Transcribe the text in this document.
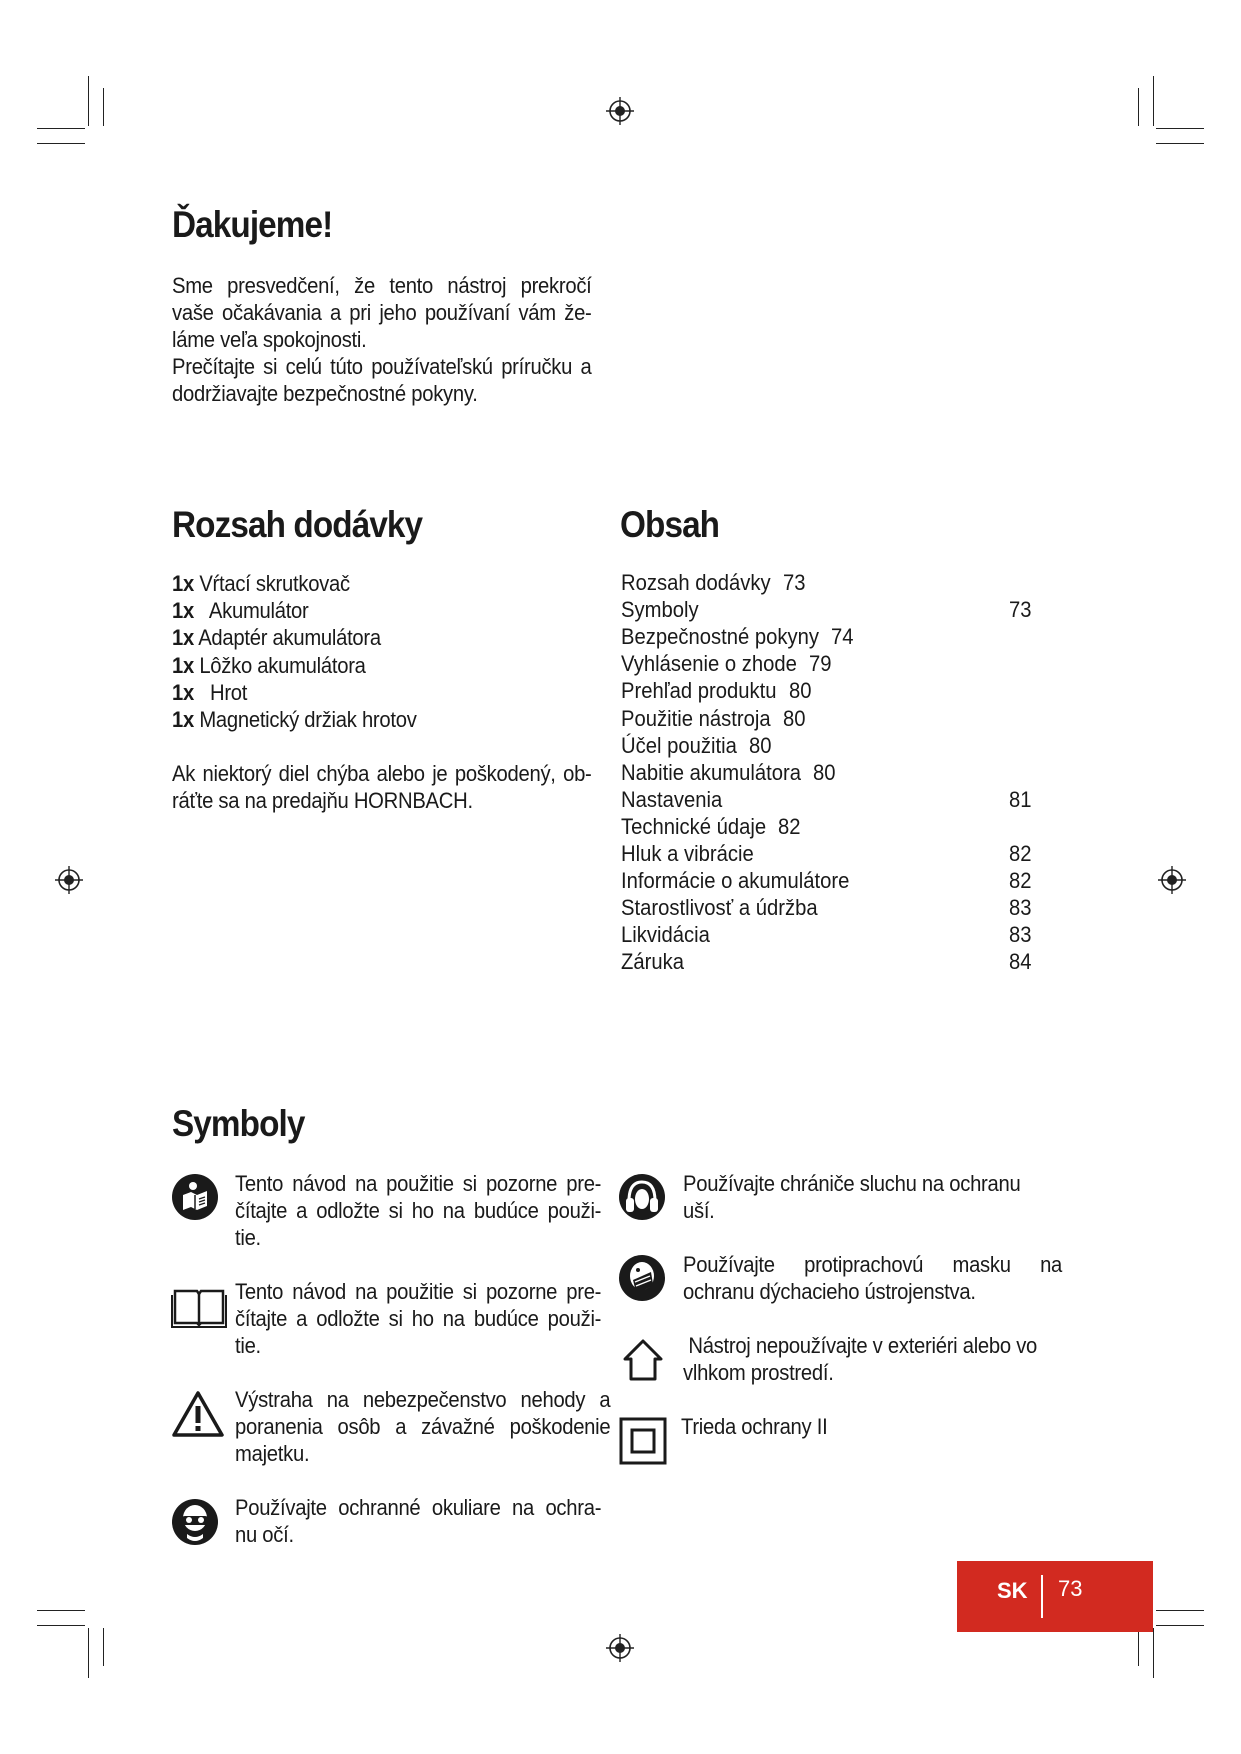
Ďakujeme!
Sme presvedčení, že tento nástroj prekročí
vaše očakávania a pri jeho používaní vám že-
láme veľa spokojnosti.
Prečítajte si celú túto používateľskú príručku a
dodržiavajte bezpečnostné pokyny.
Rozsah dodávky
1x Vŕtací skrutkovač
1x Akumulátor
1x Adaptér akumulátora
1x Lôžko akumulátora
1x Hrot
1x Magnetický držiak hrotov
Ak niektorý diel chýba alebo je poškodený, ob-
ráťte sa na predajňu HORNBACH.
Obsah
Rozsah dodávky 73
Symboly	73
Bezpečnostné pokyny 74
Vyhlásenie o zhode 79
Prehľad produktu 80
Použitie nástroja 80
Účel použitia 80
Nabitie akumulátora 80
Nastavenia	81
Technické údaje 82
Hluk a vibrácie	82
Informácie o akumulátore	82
Starostlivosť a údržba	83
Likvidácia	83
Záruka	84
Symboly
Tento návod na použitie si pozorne pre-
čítajte a odložte si ho na budúce použi-
tie.
Tento návod na použitie si pozorne pre-
čítajte a odložte si ho na budúce použi-
tie.
Výstraha na nebezpečenstvo nehody a
poranenia osôb a závažné poškodenie
majetku.
Používajte ochranné okuliare na ochra-
nu očí.
Používajte chrániče sluchu na ochranu
uší.
Používajte protiprachovú masku na
ochranu dýchacieho ústrojenstva.
Nástroj nepoužívajte v exteriéri alebo vo
vlhkom prostredí.
Trieda ochrany II
SK 73
